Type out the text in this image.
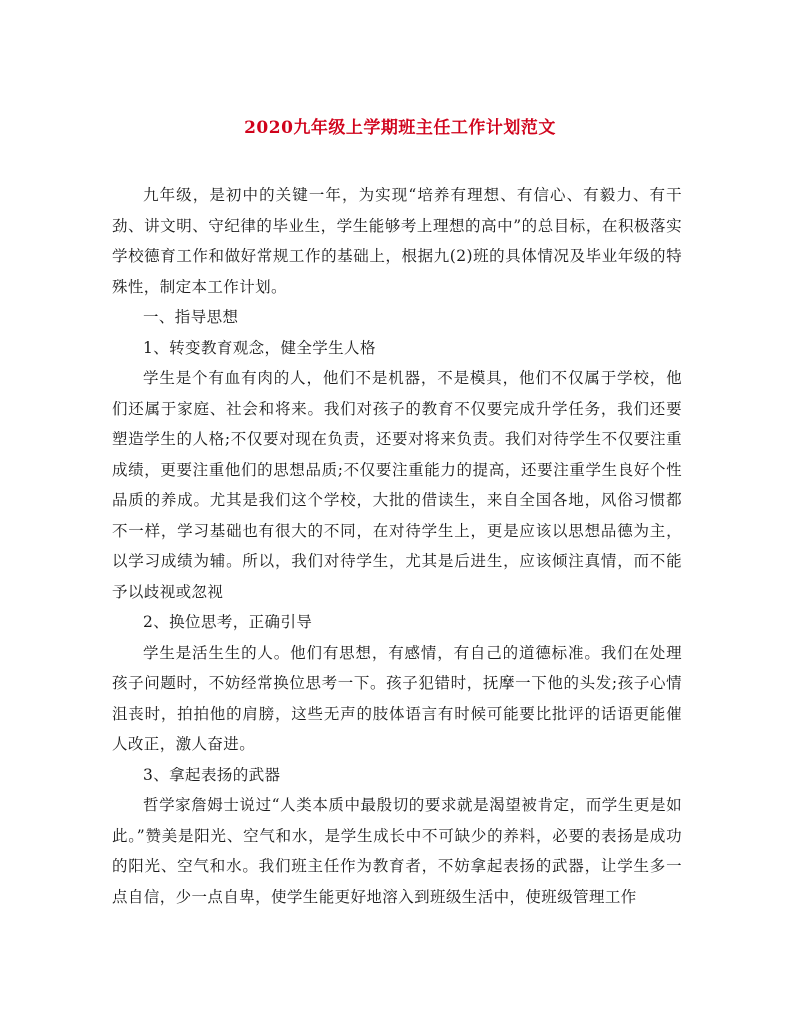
2020九年级上学期班主任工作计划范文

九年级，是初中的关键一年，为实现“培养有理想、有信心、有毅力、有干劲、讲文明、守纪律的毕业生，学生能够考上理想的高中”的总目标，在积极落实学校德育工作和做好常规工作的基础上，根据九(2)班的具体情况及毕业年级的特殊性，制定本工作计划。

一、指导思想

1、转变教育观念，健全学生人格

学生是个有血有肉的人，他们不是机器，不是模具，他们不仅属于学校，他们还属于家庭、社会和将来。我们对孩子的教育不仅要完成升学任务，我们还要塑造学生的人格;不仅要对现在负责，还要对将来负责。我们对待学生不仅要注重成绩，更要注重他们的思想品质;不仅要注重能力的提高，还要注重学生良好个性品质的养成。尤其是我们这个学校，大批的借读生，来自全国各地，风俗习惯都不一样，学习基础也有很大的不同，在对待学生上，更是应该以思想品德为主，以学习成绩为辅。所以，我们对待学生，尤其是后进生，应该倾注真情，而不能予以歧视或忽视

2、换位思考，正确引导

学生是活生生的人。他们有思想，有感情，有自己的道德标准。我们在处理孩子问题时，不妨经常换位思考一下。孩子犯错时，抚摩一下他的头发;孩子心情沮丧时，拍拍他的肩膀，这些无声的肢体语言有时候可能要比批评的话语更能催人改正，激人奋进。

3、拿起表扬的武器

哲学家詹姆士说过“人类本质中最殷切的要求就是渴望被肯定，而学生更是如此。”赞美是阳光、空气和水，是学生成长中不可缺少的养料，必要的表扬是成功的阳光、空气和水。我们班主任作为教育者，不妨拿起表扬的武器，让学生多一点自信，少一点自卑，使学生能更好地溶入到班级生活中，使班级管理工作
